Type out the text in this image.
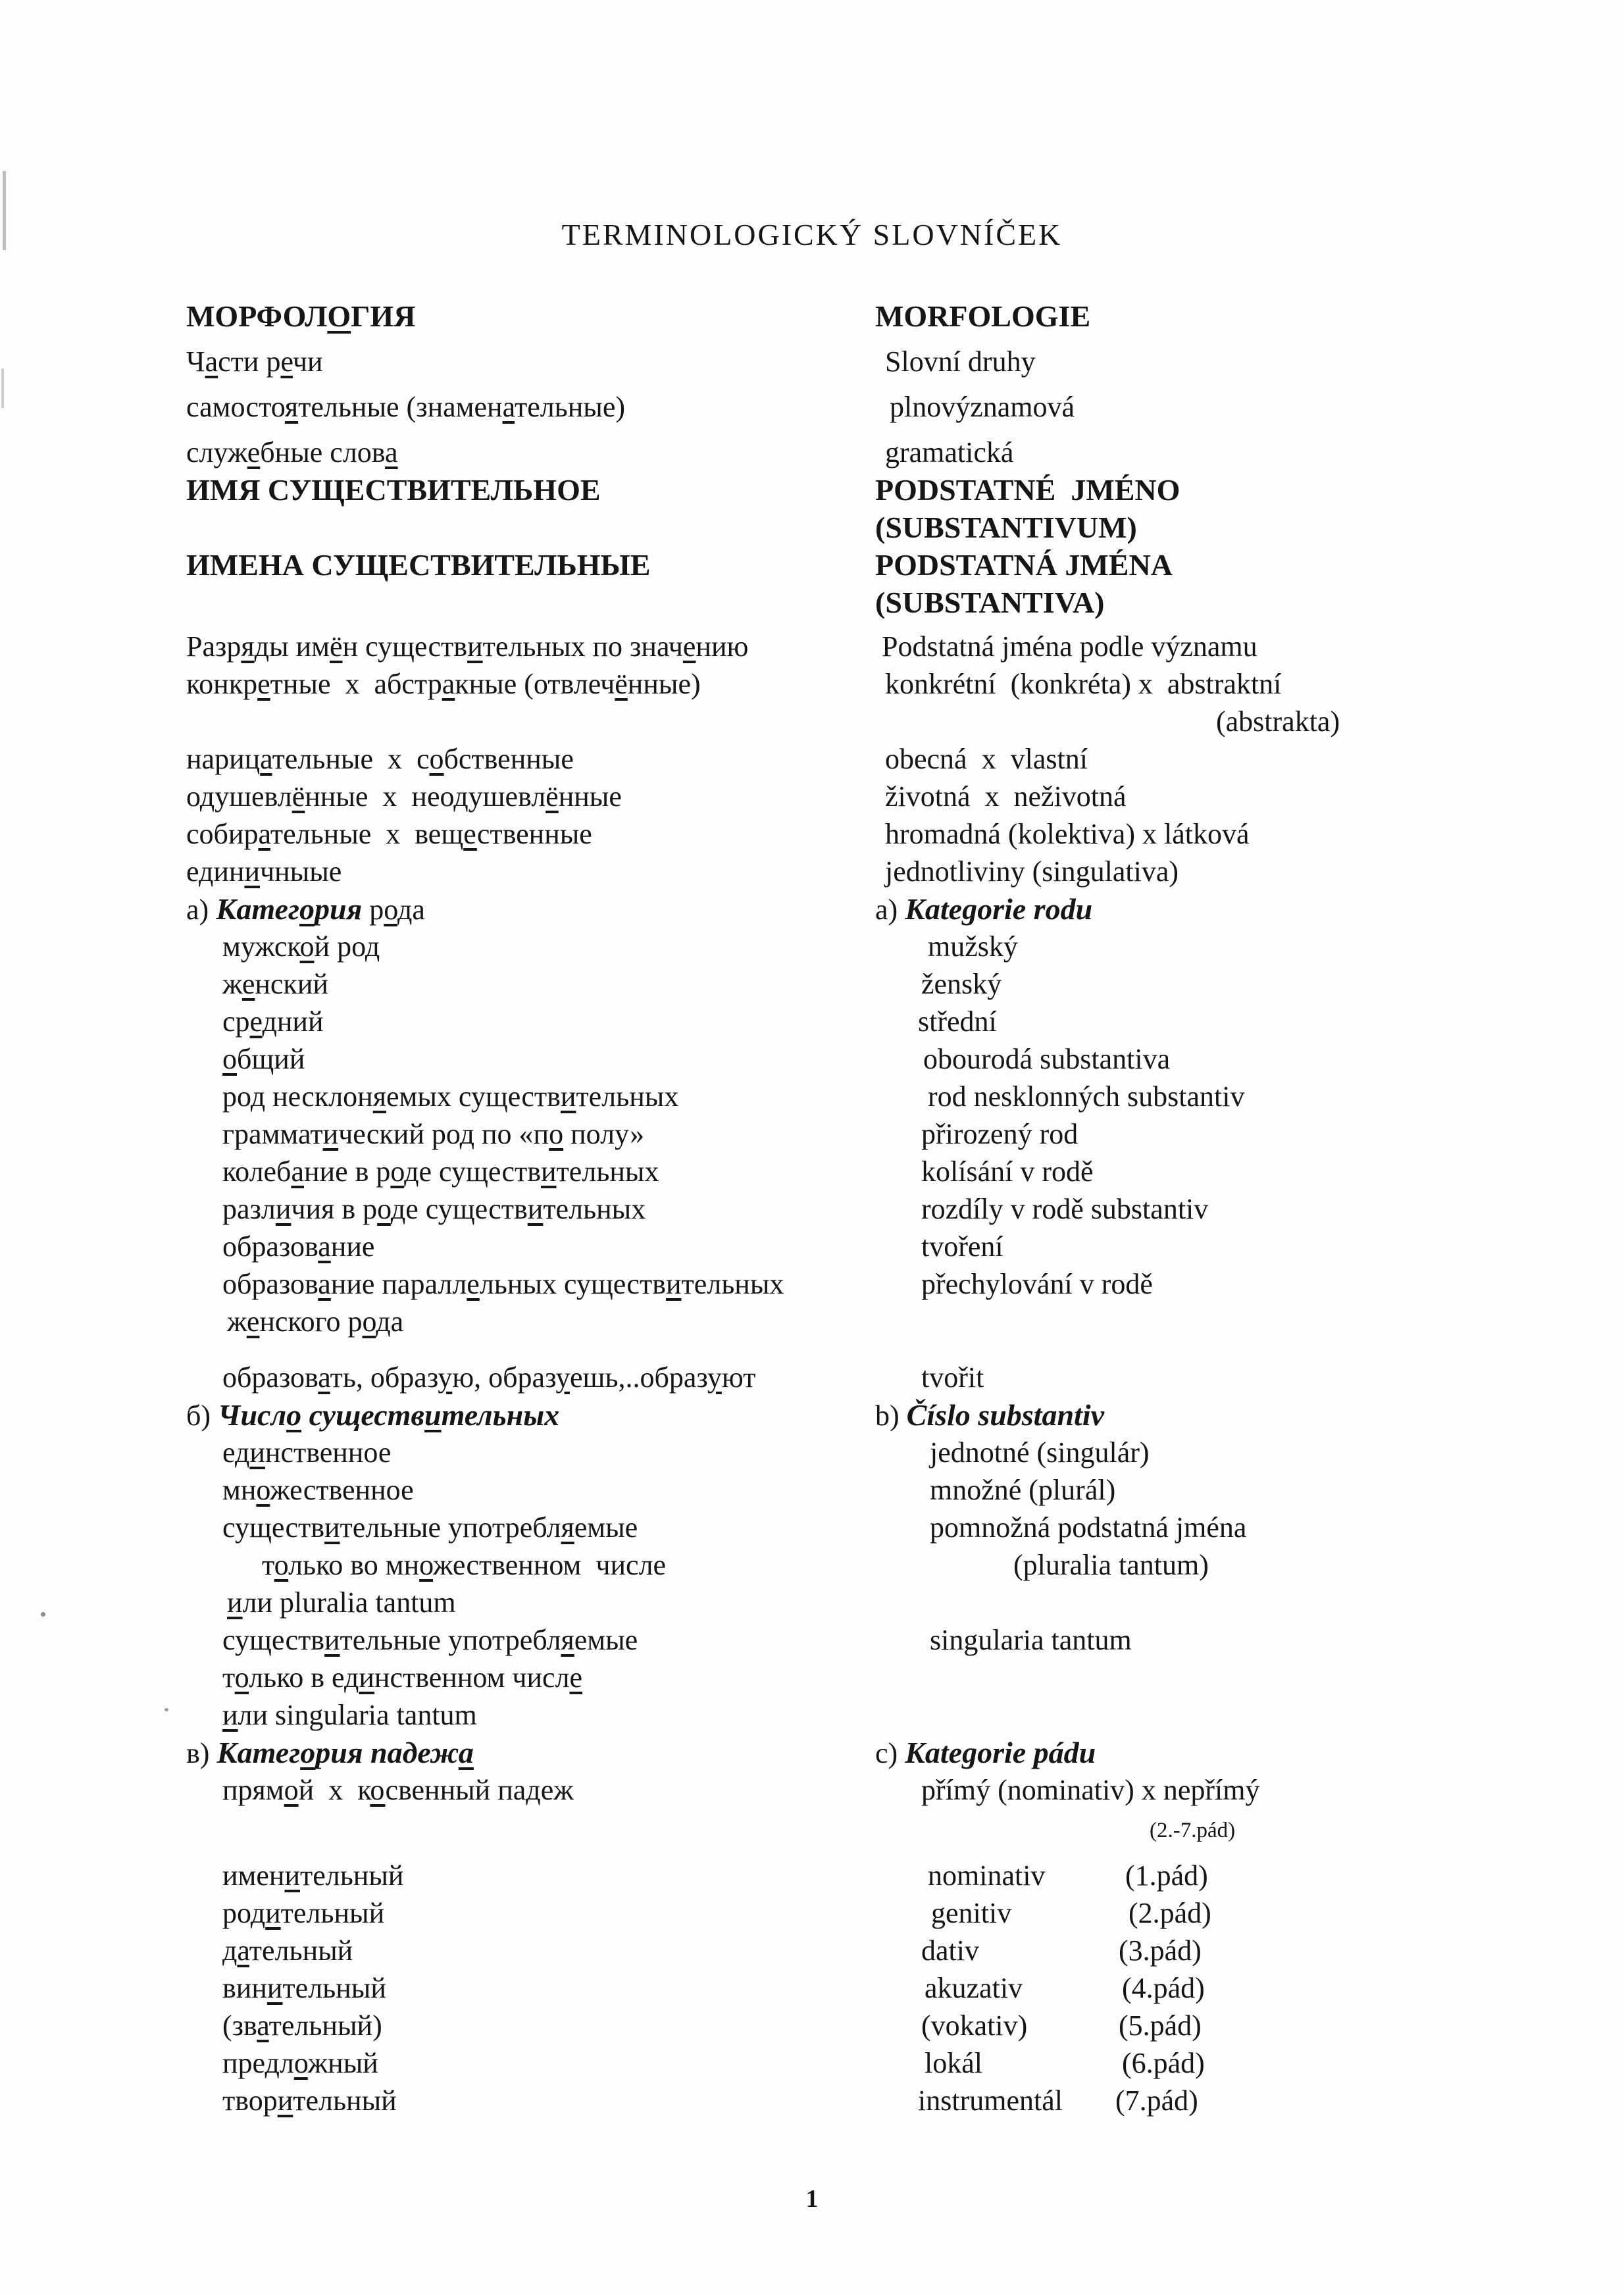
TERMINOLOGICKÝ SLOVNÍČEK
МОРФОЛОГИЯ	MORFOLOGIE
Части речи	Slovní druhy
самостоятельные (знаменательные)	plnovýznamová
служебные слова	gramatická
ИМЯ СУЩЕСТВИТЕЛЬНОЕ	PODSTATNÉ  JMÉNO
(SUBSTANTIVUM)
ИМЕНА СУЩЕСТВИТЕЛЬНЫЕ	PODSTATNÁ JMÉNA
(SUBSTANTIVA)
Разряды имён существительных по значению	Podstatná jména podle významu
конкретные  х  абстракные (отвлечённые)	konkrétní  (konkréta) x  abstraktní
(abstrakta)
нарицательные  х  собственные	obecná  x  vlastní
одушевлённые  х  неодушевлённые	životná  x  neživotná
собирательные  х  вещественные	hromadná (kolektiva) x látková
единичныые	jednotliviny (singulativa)
а) Категория рода	a) Kategorie rodu
мужской род	mužský
женский	ženský
средний	střední
общий	obourodá substantiva
род несклоняемых существительных	rod nesklonných substantiv
грамматический род по «по полу»	přirozený rod
колебание в роде существительных	kolísání v rodě
различия в роде существительных	rozdíly v rodě substantiv
образование	tvoření
образование параллельных существительных	přechylování v rodě
женского рода
образовать, образую, образуешь,..образуют	tvořit
б) Число существительных	b) Číslo substantiv
единственное	jednotné (singulár)
множественное	množné (plurál)
существительные употребляемые	pomnožná podstatná jména
только во множественном  числе	(pluralia tantum)
или pluralia tantum
существительные употребляемые	singularia tantum
только в единственном числе
или singularia tantum
в) Категория падежа	c) Kategorie pádu
прямой  х  косвенный падеж	přímý (nominativ) x nepřímý
(2.-7.pád)
именительный	nominativ	(1.pád)
родительный	genitiv	(2.pád)
дательный	dativ	(3.pád)
винительный	akuzativ	(4.pád)
(звательный)	(vokativ)	(5.pád)
предложный	lokál	(6.pád)
творительный	instrumentál (7.pád)
1
